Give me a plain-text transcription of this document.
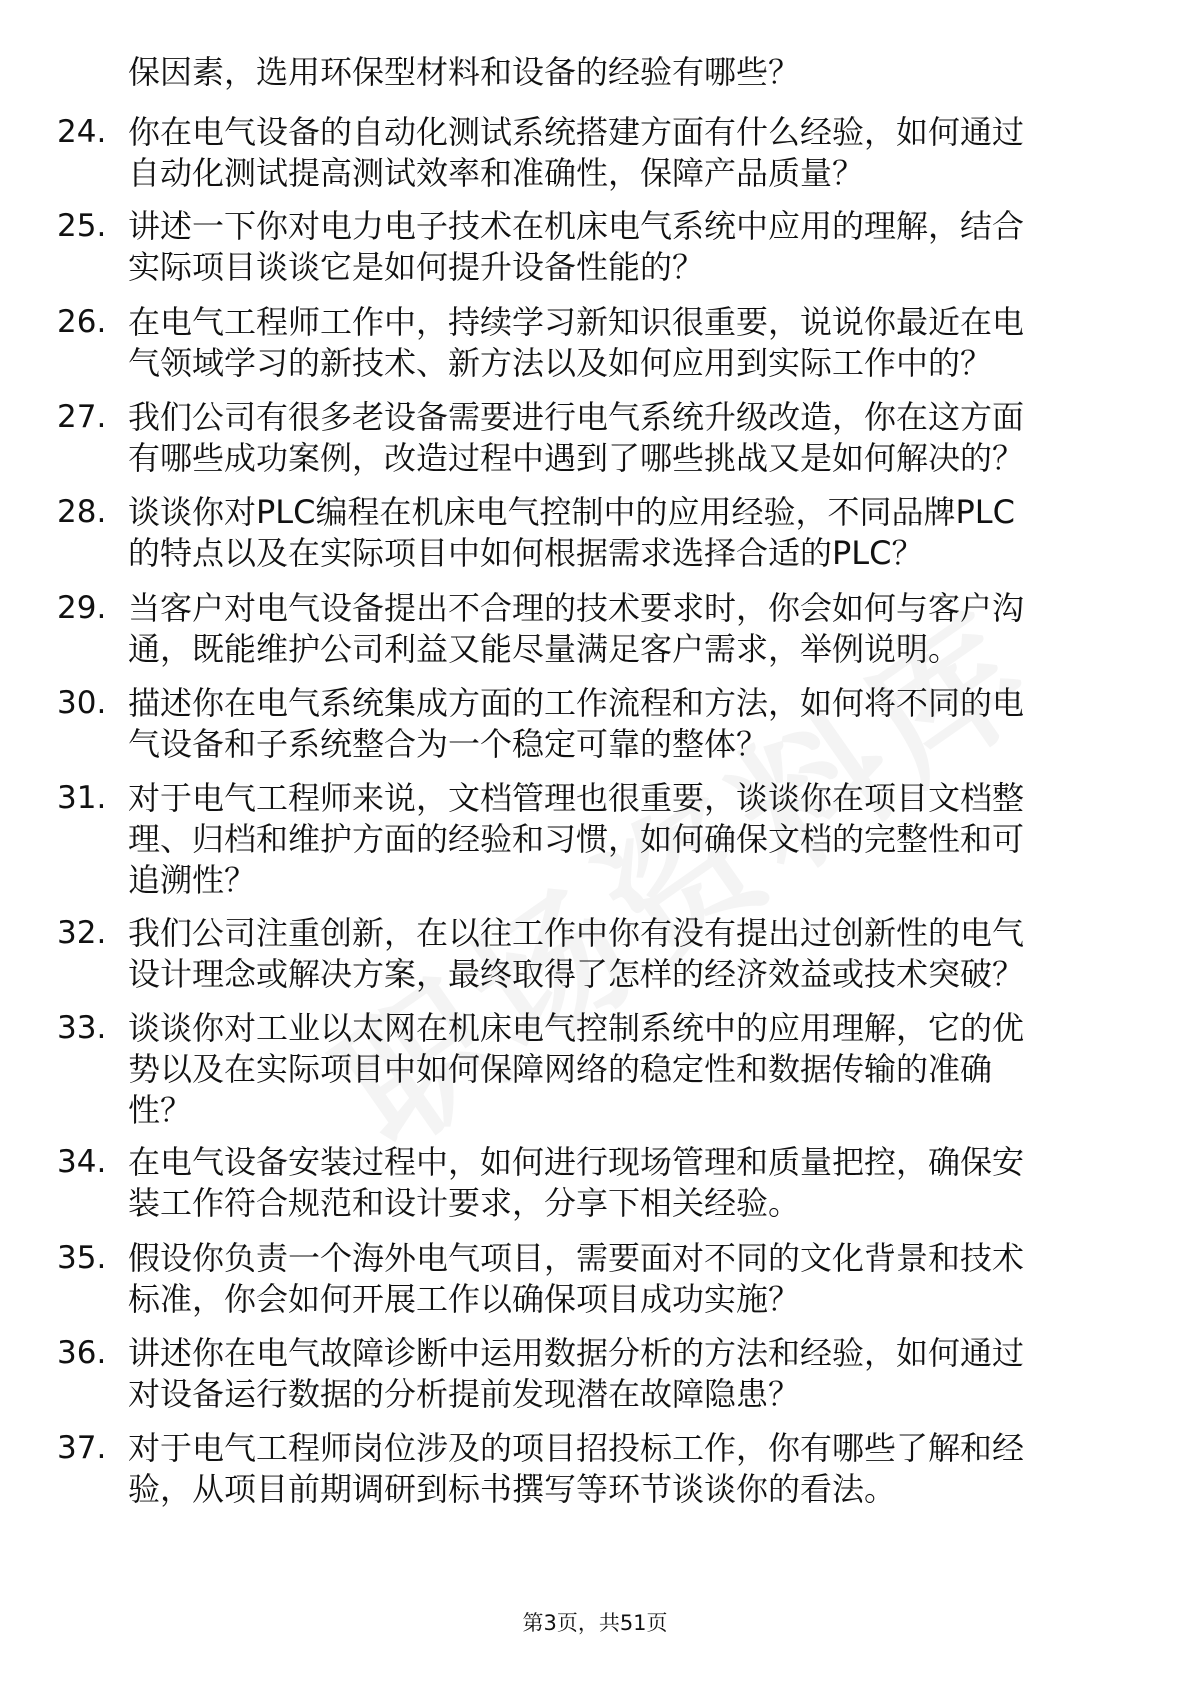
保因素，选用环保型材料和设备的经验有哪些？
24. 你在电气设备的自动化测试系统搭建方面有什么经验，如何通过
自动化测试提高测试效率和准确性，保障产品质量？
25. 讲述一下你对电力电子技术在机床电气系统中应用的理解，结合
实际项目谈谈它是如何提升设备性能的？
26. 在电气工程师工作中，持续学习新知识很重要，说说你最近在电
气领域学习的新技术、新方法以及如何应用到实际工作中的？
27. 我们公司有很多老设备需要进行电气系统升级改造，你在这方面
有哪些成功案例，改造过程中遇到了哪些挑战又是如何解决的？
28. 谈谈你对PLC编程在机床电气控制中的应用经验，不同品牌PLC
的特点以及在实际项目中如何根据需求选择合适的PLC？
29. 当客户对电气设备提出不合理的技术要求时，你会如何与客户沟
通，既能维护公司利益又能尽量满足客户需求，举例说明。
30. 描述你在电气系统集成方面的工作流程和方法，如何将不同的电
气设备和子系统整合为一个稳定可靠的整体？
31. 对于电气工程师来说，文档管理也很重要，谈谈你在项目文档整
理、归档和维护方面的经验和习惯，如何确保文档的完整性和可
追溯性？
32. 我们公司注重创新，在以往工作中你有没有提出过创新性的电气
设计理念或解决方案，最终取得了怎样的经济效益或技术突破？
33. 谈谈你对工业以太网在机床电气控制系统中的应用理解，它的优
势以及在实际项目中如何保障网络的稳定性和数据传输的准确
性？
34. 在电气设备安装过程中，如何进行现场管理和质量把控，确保安
装工作符合规范和设计要求，分享下相关经验。
35. 假设你负责一个海外电气项目，需要面对不同的文化背景和技术
标准，你会如何开展工作以确保项目成功实施？
36. 讲述你在电气故障诊断中运用数据分析的方法和经验，如何通过
对设备运行数据的分析提前发现潜在故障隐患？
37. 对于电气工程师岗位涉及的项目招投标工作，你有哪些了解和经
验，从项目前期调研到标书撰写等环节谈谈你的看法。
第3页，共51页
